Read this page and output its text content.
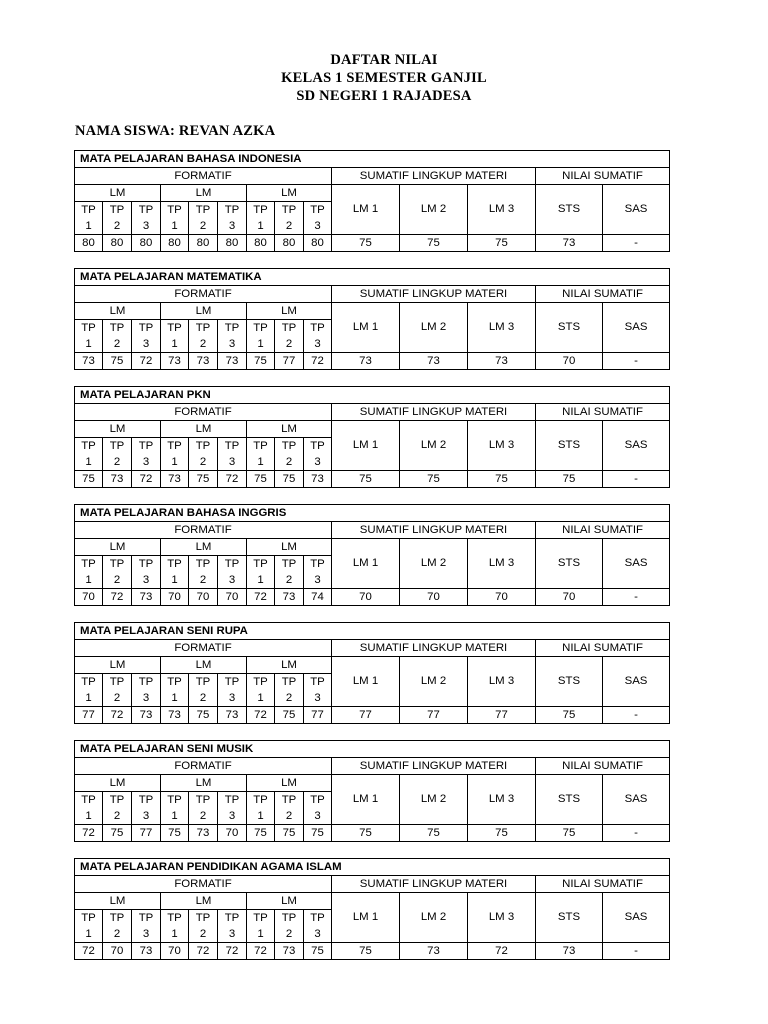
DAFTAR NILAI
KELAS 1 SEMESTER GANJIL
SD NEGERI 1 RAJADESA
NAMA SISWA: REVAN AZKA
MATA PELAJARAN BAHASA INDONESIA													
FORMATIF									SUMATIF LINGKUP MATERI			NILAI SUMATIF	
LM			LM			LM			LM 1	LM 2	LM 3	STS	SAS
TP	TP	TP	TP	TP	TP	TP	TP	TP					
1	2	3	1	2	3	1	2	3					
80	80	80	80	80	80	80	80	80	75	75	75	73	-
MATA PELAJARAN MATEMATIKA													
FORMATIF									SUMATIF LINGKUP MATERI			NILAI SUMATIF	
LM			LM			LM			LM 1	LM 2	LM 3	STS	SAS
TP	TP	TP	TP	TP	TP	TP	TP	TP					
1	2	3	1	2	3	1	2	3					
73	75	72	73	73	73	75	77	72	73	73	73	70	-
MATA PELAJARAN PKN													
FORMATIF									SUMATIF LINGKUP MATERI			NILAI SUMATIF	
LM			LM			LM			LM 1	LM 2	LM 3	STS	SAS
TP	TP	TP	TP	TP	TP	TP	TP	TP					
1	2	3	1	2	3	1	2	3					
75	73	72	73	75	72	75	75	73	75	75	75	75	-
MATA PELAJARAN BAHASA INGGRIS													
FORMATIF									SUMATIF LINGKUP MATERI			NILAI SUMATIF	
LM			LM			LM			LM 1	LM 2	LM 3	STS	SAS
TP	TP	TP	TP	TP	TP	TP	TP	TP					
1	2	3	1	2	3	1	2	3					
70	72	73	70	70	70	72	73	74	70	70	70	70	-
MATA PELAJARAN SENI RUPA													
FORMATIF									SUMATIF LINGKUP MATERI			NILAI SUMATIF	
LM			LM			LM			LM 1	LM 2	LM 3	STS	SAS
TP	TP	TP	TP	TP	TP	TP	TP	TP					
1	2	3	1	2	3	1	2	3					
77	72	73	73	75	73	72	75	77	77	77	77	75	-
MATA PELAJARAN SENI MUSIK													
FORMATIF									SUMATIF LINGKUP MATERI			NILAI SUMATIF	
LM			LM			LM			LM 1	LM 2	LM 3	STS	SAS
TP	TP	TP	TP	TP	TP	TP	TP	TP					
1	2	3	1	2	3	1	2	3					
72	75	77	75	73	70	75	75	75	75	75	75	75	-
MATA PELAJARAN PENDIDIKAN AGAMA ISLAM													
FORMATIF									SUMATIF LINGKUP MATERI			NILAI SUMATIF	
LM			LM			LM			LM 1	LM 2	LM 3	STS	SAS
TP	TP	TP	TP	TP	TP	TP	TP	TP					
1	2	3	1	2	3	1	2	3					
72	70	73	70	72	72	72	73	75	75	73	72	73	-
